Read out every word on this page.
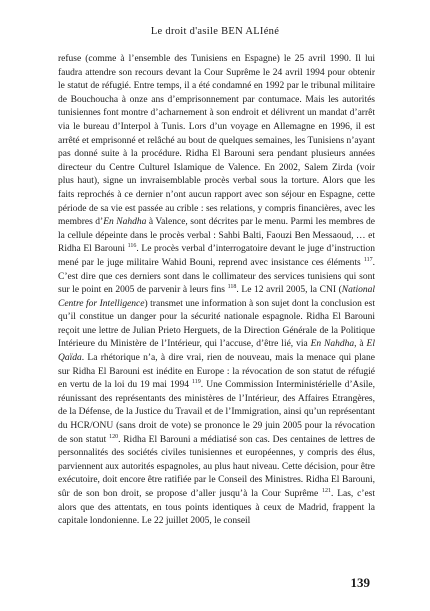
Le droit d'asile BEN ALIéné
refuse (comme à l’ensemble des Tunisiens en Espagne) le 25 avril 1990. Il lui faudra attendre son recours devant la Cour Suprême le 24 avril 1994 pour obtenir le statut de réfugié. Entre temps, il a été condamné en 1992 par le tribunal militaire de Bouchoucha à onze ans d’emprisonnement par contumace. Mais les autorités tunisiennes font montre d’acharnement à son endroit et délivrent un mandat d’arrêt via le bureau d’Interpol à Tunis. Lors d’un voyage en Allemagne en 1996, il est arrêté et emprisonné et relâché au bout de quelques semaines, les Tunisiens n’ayant pas donné suite à la procédure. Ridha El Barouni sera pendant plusieurs années directeur du Centre Culturel Islamique de Valence. En 2002, Salem Zirda (voir plus haut), signe un invraisemblable procès verbal sous la torture. Alors que les faits reprochés à ce dernier n’ont aucun rapport avec son séjour en Espagne, cette période de sa vie est passée au crible : ses relations, y compris financières, avec les membres d’En Nahdha à Valence, sont décrites par le menu. Parmi les membres de la cellule dépeinte dans le procès verbal : Sahbi Balti, Faouzi Ben Messaoud, … et Ridha El Barouni $^{116}$. Le procès verbal d’interrogatoire devant le juge d’instruction mené par le juge militaire Wahid Bouni, reprend avec insistance ces éléments $^{117}$. C’est dire que ces derniers sont dans le collimateur des services tunisiens qui sont sur le point en 2005 de parvenir à leurs fins $^{118}$. Le 12 avril 2005, la CNI (National Centre for Intelligence) transmet une information à son sujet dont la conclusion est qu’il constitue un danger pour la sécurité nationale espagnole. Ridha El Barouni reçoit une lettre de Julian Prieto Herguets, de la Direction Générale de la Politique Intérieure du Ministère de l’Intérieur, qui l’accuse, d’être lié, via En Nahdha, à El Qaïda. La rhétorique n’a, à dire vrai, rien de nouveau, mais la menace qui plane sur Ridha El Barouni est inédite en Europe : la révocation de son statut de réfugié en vertu de la loi du 19 mai 1994 $^{119}$. Une Commission Interministérielle d’Asile, réunissant des représentants des ministères de l’Intérieur, des Affaires Etrangères, de la Défense, de la Justice du Travail et de l’Immigration, ainsi qu’un représentant du HCR/ONU (sans droit de vote) se prononce le 29 juin 2005 pour la révocation de son statut $^{120}$. Ridha El Barouni a médiatisé son cas. Des centaines de lettres de personnalités des sociétés civiles tunisiennes et européennes, y compris des élus, parviennent aux autorités espagnoles, au plus haut niveau. Cette décision, pour être exécutoire, doit encore être ratifiée par le Conseil des Ministres. Ridha El Barouni, sûr de son bon droit, se propose d’aller jusqu’à la Cour Suprême $^{121}$. Las, c’est alors que des attentats, en tous points identiques à ceux de Madrid, frappent la capitale londonienne. Le 22 juillet 2005, le conseil
139
